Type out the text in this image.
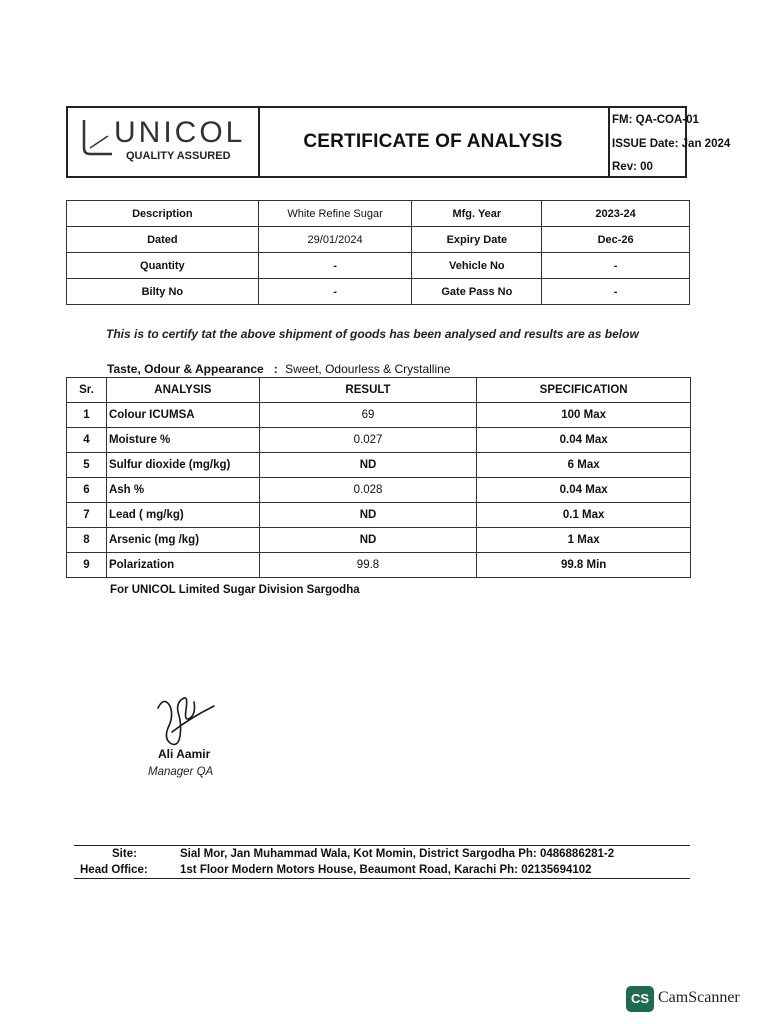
UNICOL
QUALITY ASSURED
CERTIFICATE OF ANALYSIS
FM: QA-COA-01
ISSUE Date: Jan 2024
Rev: 00
Description	White Refine Sugar	Mfg. Year	2023-24
Dated	29/01/2024	Expiry Date	Dec-26
Quantity	-	Vehicle No	-
Bilty No	-	Gate Pass No	-
This is to certify tat the above shipment of goods has been analysed and results are as below
Taste, Odour & Appearance : Sweet, Odourless & Crystalline
Sr.	ANALYSIS	RESULT	SPECIFICATION
1	Colour ICUMSA	69	100 Max
4	Moisture %	0.027	0.04 Max
5	Sulfur dioxide (mg/kg)	ND	6 Max
6	Ash %	0.028	0.04 Max
7	Lead ( mg/kg)	ND	0.1 Max
8	Arsenic (mg /kg)	ND	1 Max
9	Polarization	99.8	99.8 Min
For UNICOL Limited Sugar Division Sargodha
Ali Aamir
Manager QA
Site:	Sial Mor, Jan Muhammad Wala, Kot Momin, District Sargodha Ph: 0486886281-2
Head Office:	1st Floor Modern Motors House, Beaumont Road, Karachi Ph: 02135694102
CS CamScanner
